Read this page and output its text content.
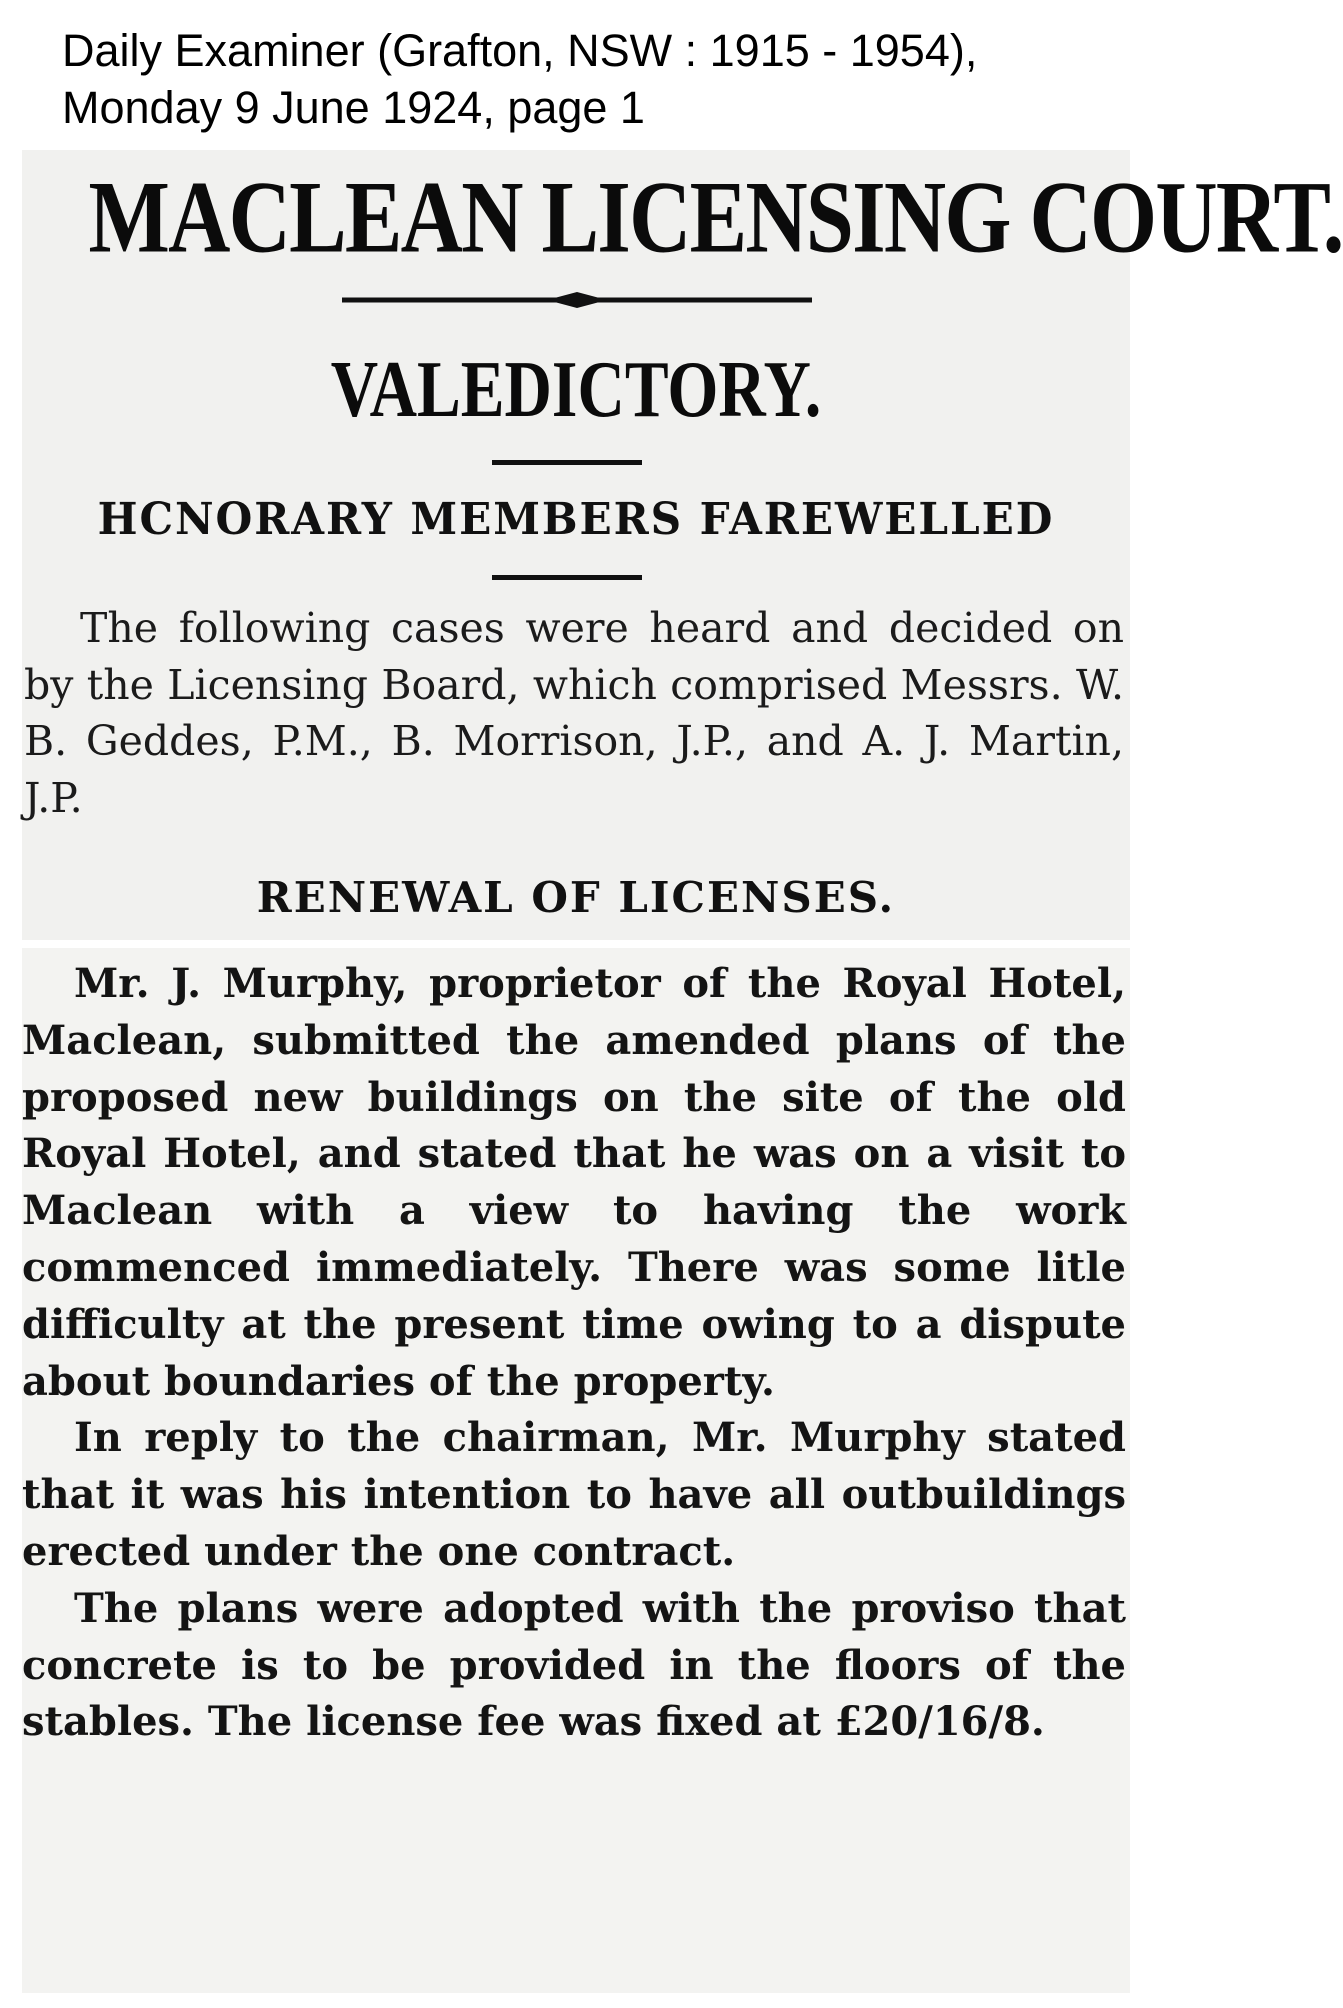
Daily Examiner (Grafton, NSW : 1915 - 1954),
Monday 9 June 1924, page 1
MACLEAN LICENSING COURT.
VALEDICTORY.
HCNORARY MEMBERS FAREWELLED
The following cases were heard and decided on by the Licensing Board, which comprised Messrs. W. B. Geddes, P.M., B. Morrison, J.P., and A. J. Martin, J.P.
RENEWAL OF LICENSES.

Mr. J. Murphy, proprietor of the Royal Hotel, Maclean, submitted the amended plans of the proposed new buildings on the site of the old Royal Hotel, and stated that he was on a visit to Maclean with a view to having the work commenced immediately. There was some litle difficulty at the present time owing to a dispute about boundaries of the property.

In reply to the chairman, Mr. Murphy stated that it was his intention to have all outbuildings erected under the one contract.

The plans were adopted with the proviso that concrete is to be provided in the floors of the stables. The license fee was fixed at £20/16/8.
